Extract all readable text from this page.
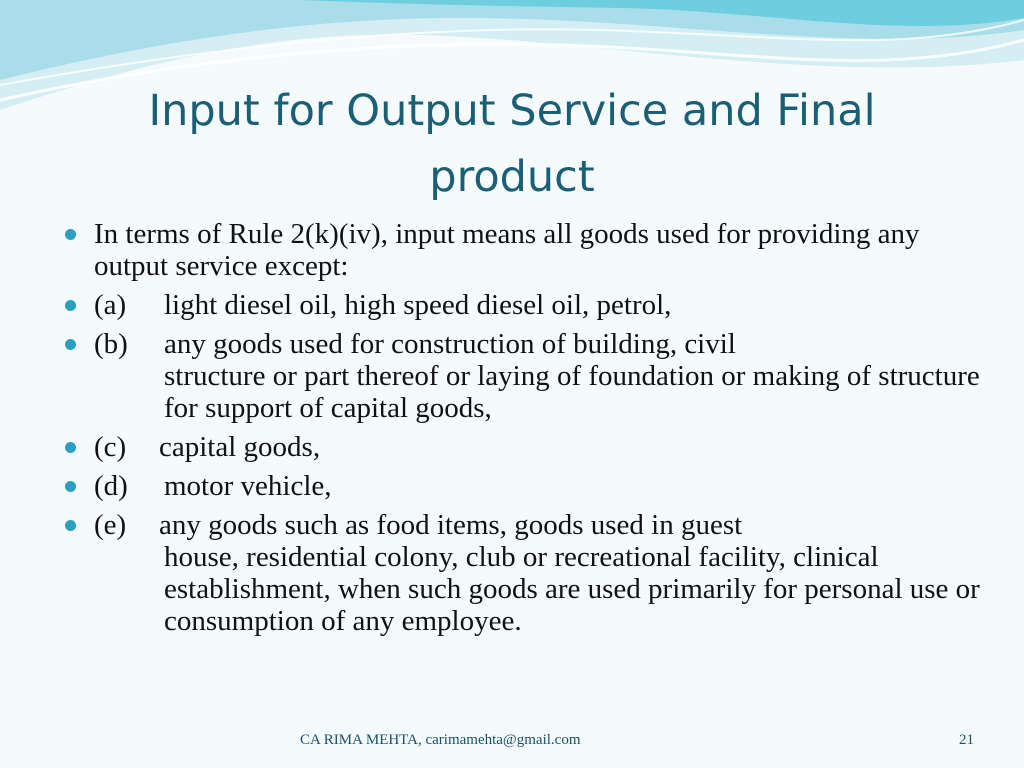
Input for Output Service and Final product
In terms of Rule 2(k)(iv), input means all goods used for providing any output service except:
(a) light diesel oil, high speed diesel oil, petrol,
(b) any goods used for construction of building, civil
structure or part thereof or laying of foundation or making of structure for support of capital goods,
(c) capital goods,
(d) motor vehicle,
(e) any goods such as food items, goods used in guest
house, residential colony, club or recreational facility, clinical establishment, when such goods are used primarily for personal use or consumption of any employee.
CA RIMA MEHTA, carimamehta@gmail.com	21
